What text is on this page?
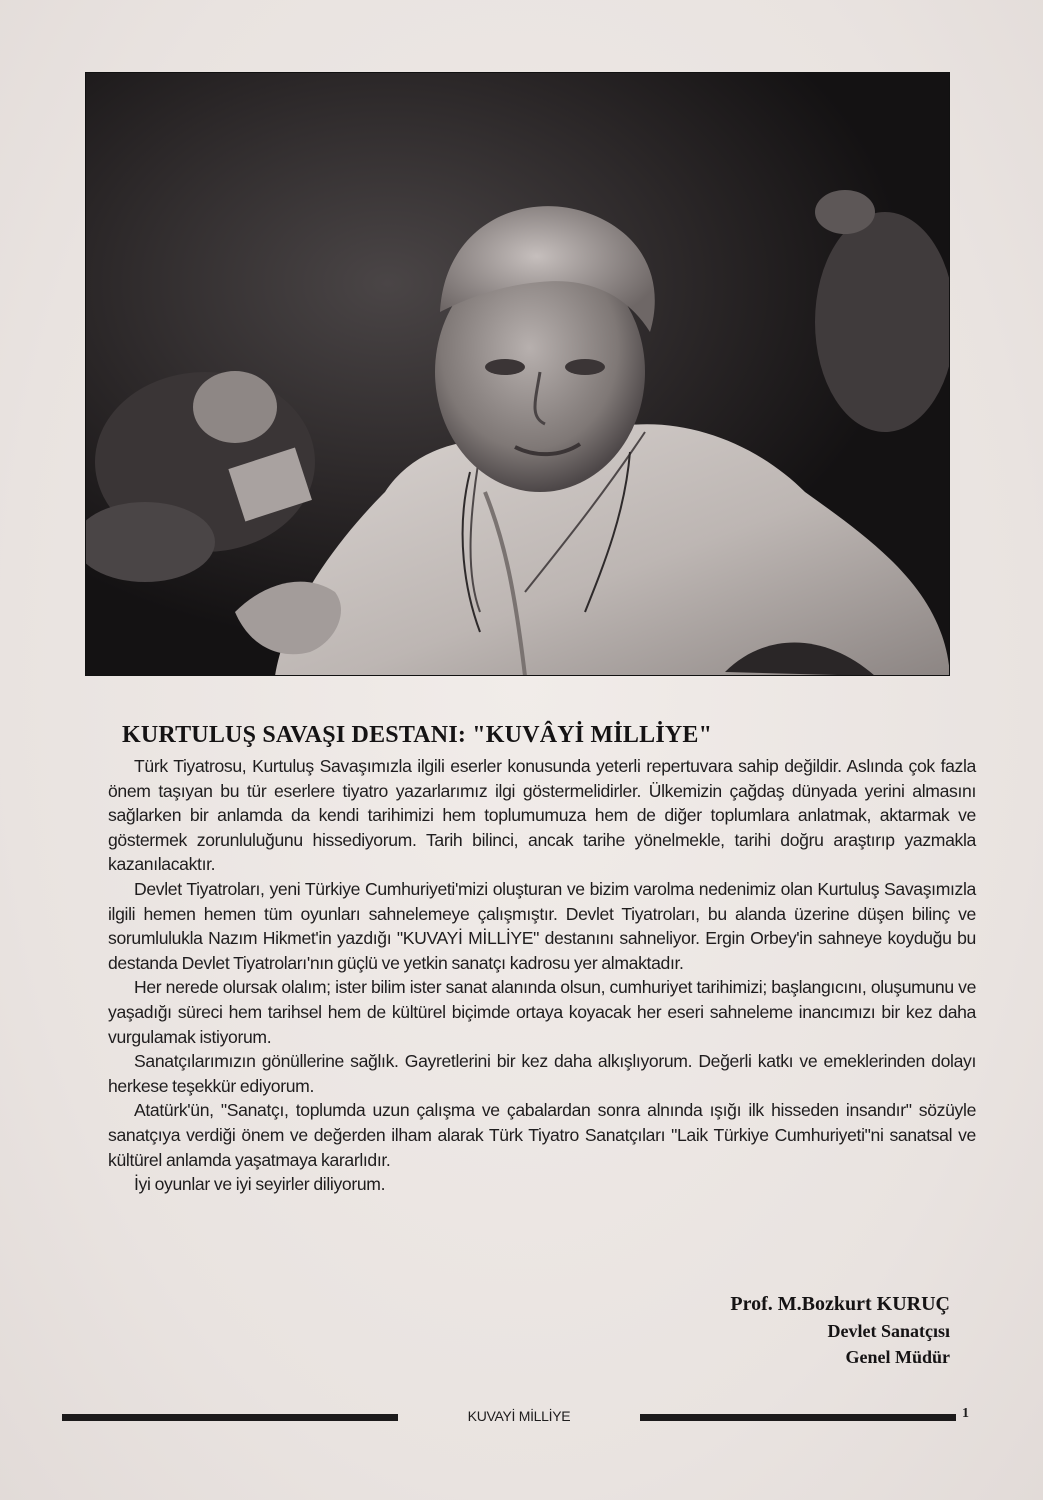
KURTULUŞ SAVAŞI DESTANI: "KUVÂYİ MİLLİYE"

Türk Tiyatrosu, Kurtuluş Savaşımızla ilgili eserler konusunda yeterli repertuvara sahip değildir. Aslında çok fazla önem taşıyan bu tür eserlere tiyatro yazarlarımız ilgi göstermelidirler. Ülkemizin çağdaş dünyada yerini almasını sağlarken bir anlamda da kendi tarihimizi hem toplumumuza hem de diğer toplumlara anlatmak, aktarmak ve göstermek zorunluluğunu hissediyorum. Tarih bilinci, ancak tarihe yönelmekle, tarihi doğru araştırıp yazmakla kazanılacaktır.

Devlet Tiyatroları, yeni Türkiye Cumhuriyeti'mizi oluşturan ve bizim varolma nedenimiz olan Kurtuluş Savaşımızla ilgili hemen hemen tüm oyunları sahnelemeye çalışmıştır. Devlet Tiyatroları, bu alanda üzerine düşen bilinç ve sorumlulukla Nazım Hikmet'in yazdığı "KUVAYİ MİLLİYE" destanını sahneliyor. Ergin Orbey'in sahneye koyduğu bu destanda Devlet Tiyatroları'nın güçlü ve yetkin sanatçı kadrosu yer almaktadır.

Her nerede olursak olalım; ister bilim ister sanat alanında olsun, cumhuriyet tarihimizi; başlangıcını, oluşumunu ve yaşadığı süreci hem tarihsel hem de kültürel biçimde ortaya koyacak her eseri sahneleme inancımızı bir kez daha vurgulamak istiyorum.

Sanatçılarımızın gönüllerine sağlık. Gayretlerini bir kez daha alkışlıyorum. Değerli katkı ve emeklerinden dolayı herkese teşekkür ediyorum.

Atatürk'ün, "Sanatçı, toplumda uzun çalışma ve çabalardan sonra alnında ışığı ilk hisseden insandır" sözüyle sanatçıya verdiği önem ve değerden ilham alarak Türk Tiyatro Sanatçıları "Laik Türkiye Cumhuriyeti"ni sanatsal ve kültürel anlamda yaşatmaya kararlıdır.

İyi oyunlar ve iyi seyirler diliyorum.

Prof. M.Bozkurt KURUÇ
Devlet Sanatçısı
Genel Müdür
KUVAYİ MİLLİYE	1
